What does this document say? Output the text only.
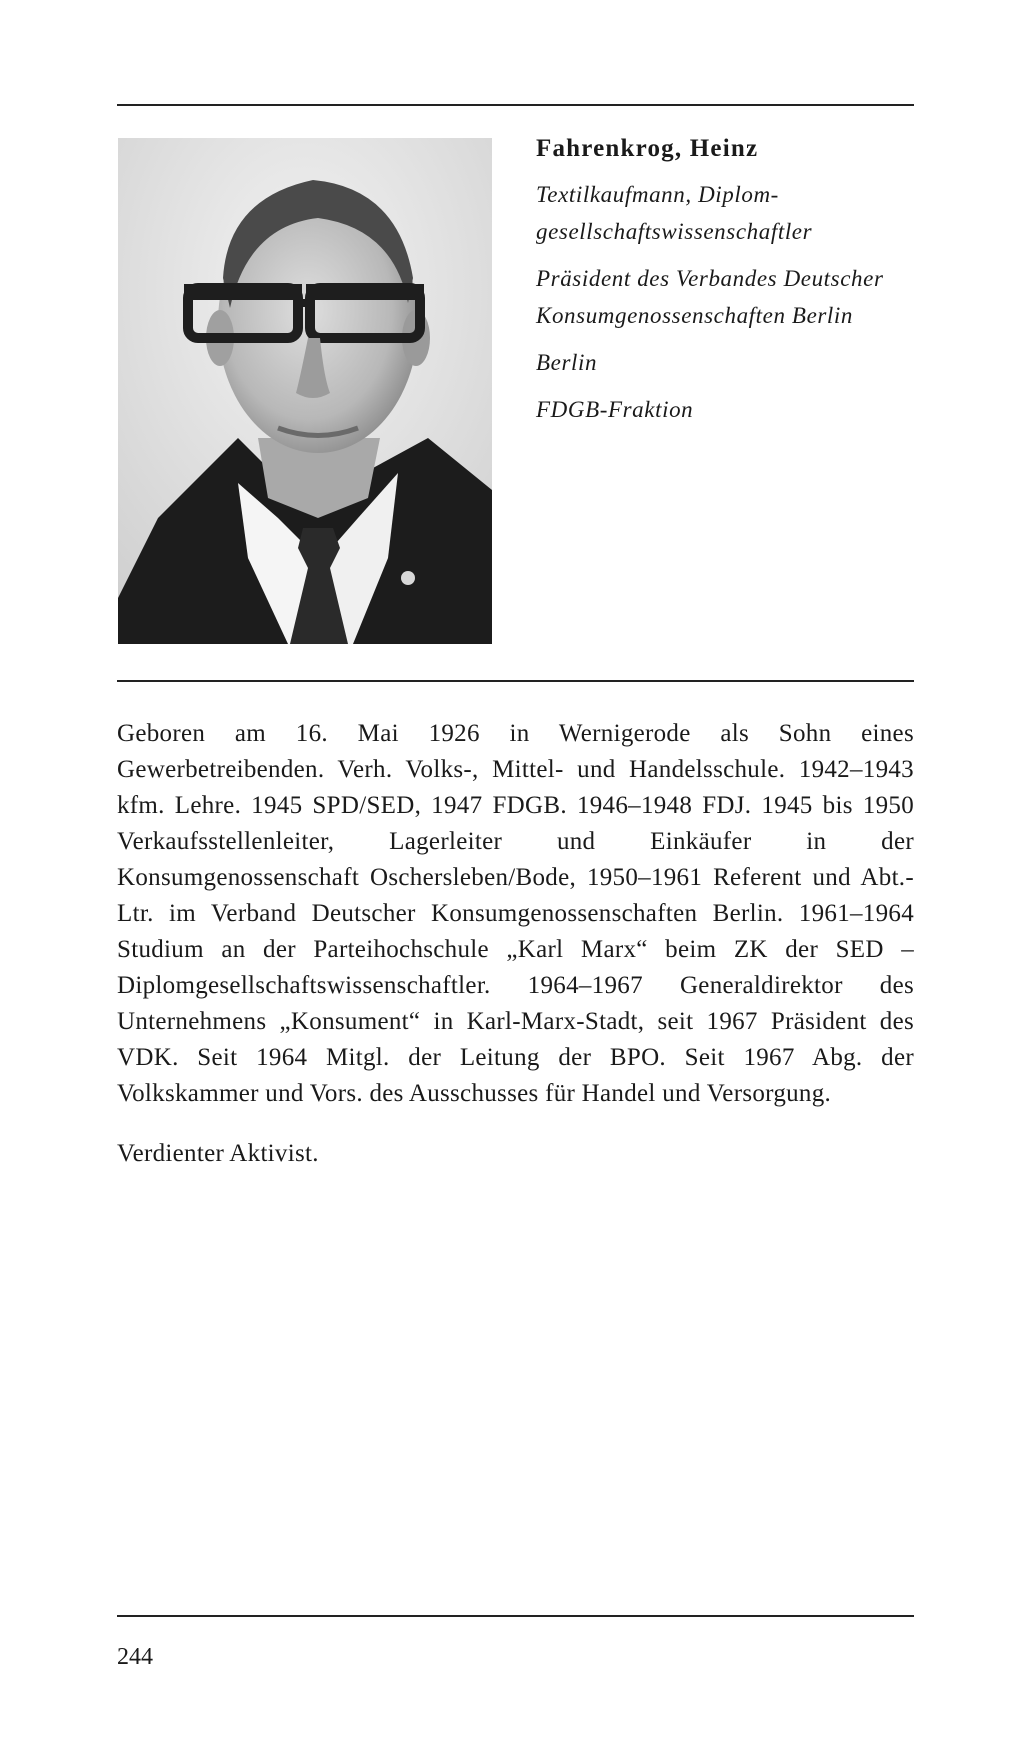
Fahrenkrog, Heinz

Textilkaufmann, Diplom-

gesellschaftswissenschaftler

Präsident des Verbandes Deutscher

Konsumgenossenschaften Berlin

Berlin

FDGB-Fraktion

Geboren am 16. Mai 1926 in Wernigerode als Sohn eines Gewerbetreibenden. Verh. Volks-, Mittel- und Handelsschule. 1942–1943 kfm. Lehre. 1945 SPD/SED, 1947 FDGB. 1946–1948 FDJ. 1945 bis 1950 Verkaufsstellenleiter, Lagerleiter und Einkäufer in der Konsumgenossenschaft Oschersleben/Bode, 1950–1961 Referent und Abt.-Ltr. im Verband Deutscher Konsumgenossenschaften Berlin. 1961–1964 Studium an der Parteihochschule „Karl Marx“ beim ZK der SED – Diplomgesellschaftswissenschaftler. 1964–1967 Generaldirektor des Unternehmens „Konsument“ in Karl-Marx-Stadt, seit 1967 Präsident des VDK. Seit 1964 Mitgl. der Leitung der BPO. Seit 1967 Abg. der Volkskammer und Vors. des Ausschusses für Handel und Versorgung.

Verdienter Aktivist.

244
